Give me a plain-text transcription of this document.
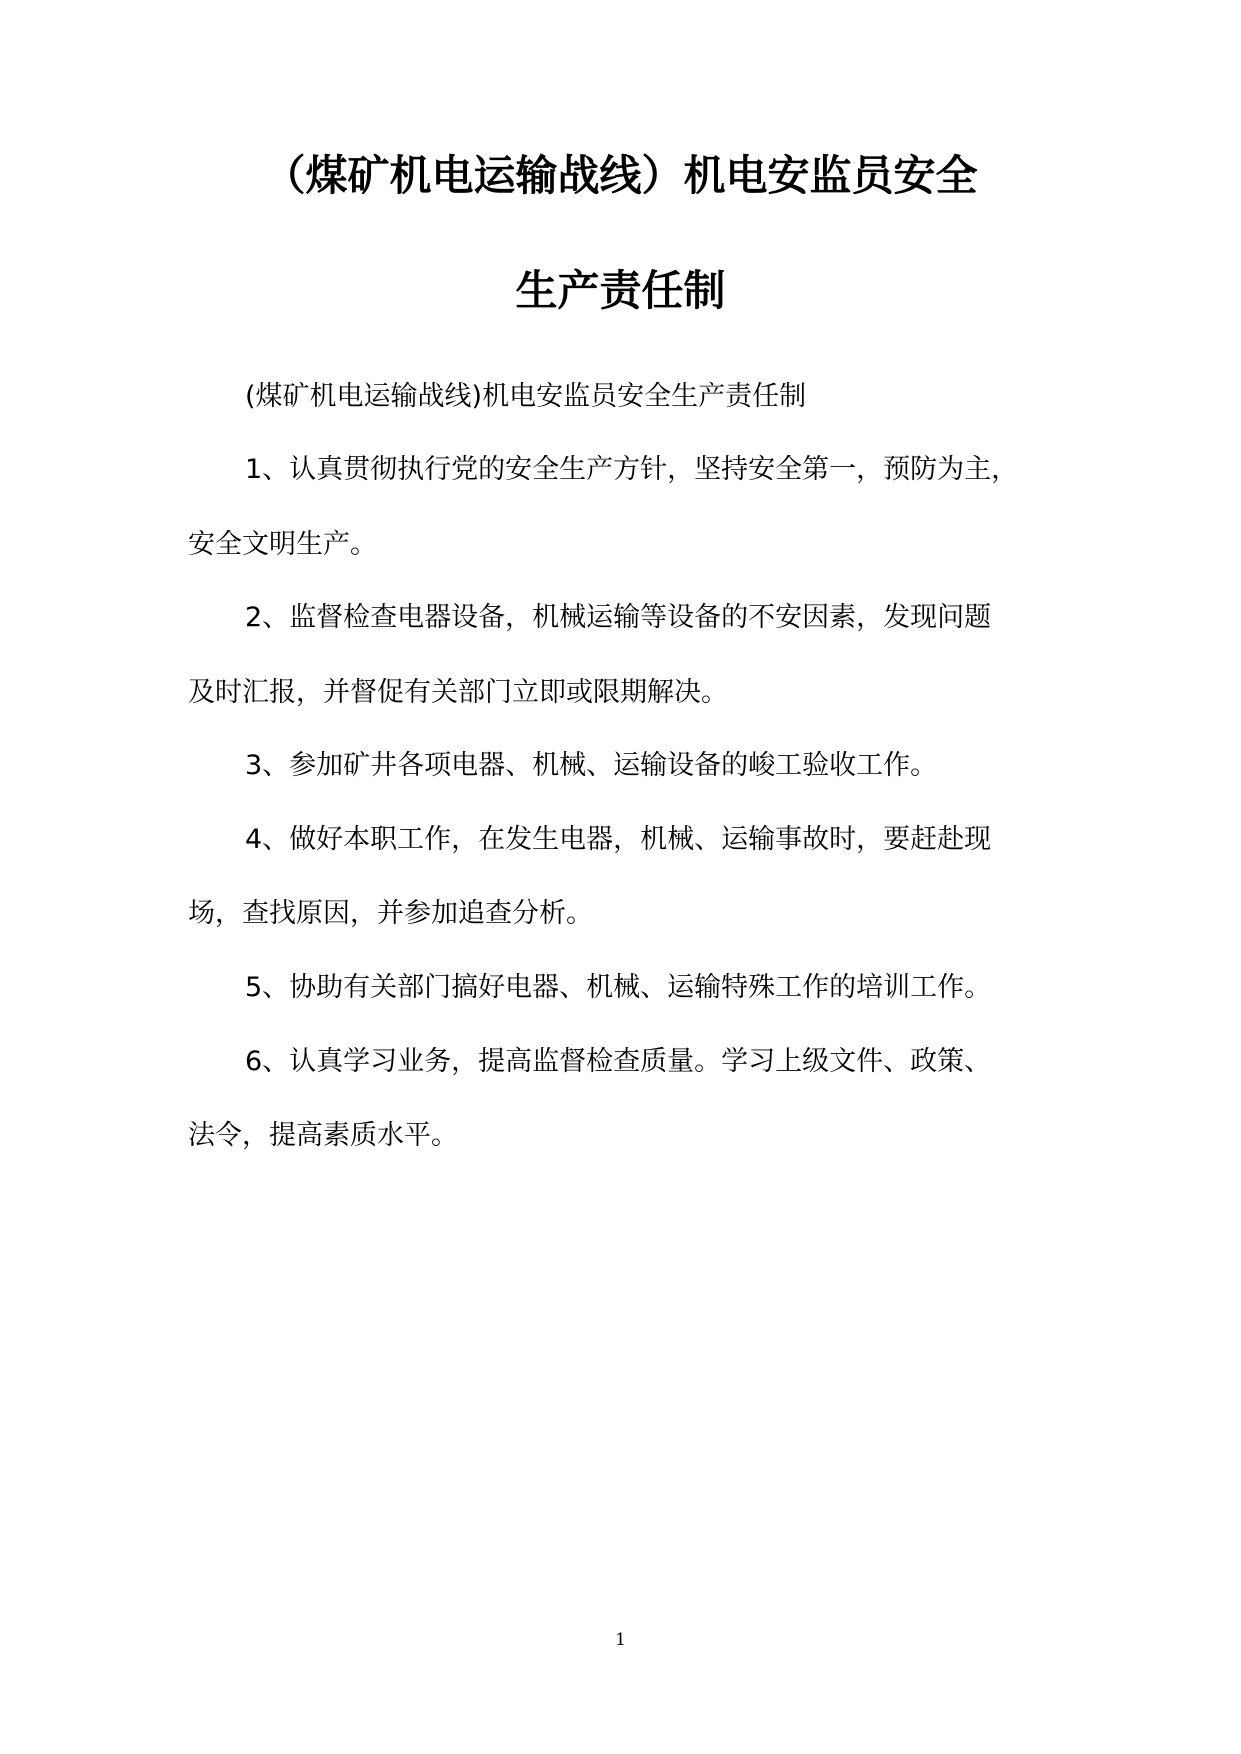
（煤矿机电运输战线）机电安监员安全
生产责任制
(煤矿机电运输战线)机电安监员安全生产责任制
1、认真贯彻执行党的安全生产方针，坚持安全第一，预防为主，
安全文明生产。
2、监督检查电器设备，机械运输等设备的不安因素，发现问题
及时汇报，并督促有关部门立即或限期解决。
3、参加矿井各项电器、机械、运输设备的峻工验收工作。
4、做好本职工作，在发生电器，机械、运输事故时，要赶赴现
场，查找原因，并参加追查分析。
5、协助有关部门搞好电器、机械、运输特殊工作的培训工作。
6、认真学习业务，提高监督检查质量。学习上级文件、政策、
法令，提高素质水平。
1
